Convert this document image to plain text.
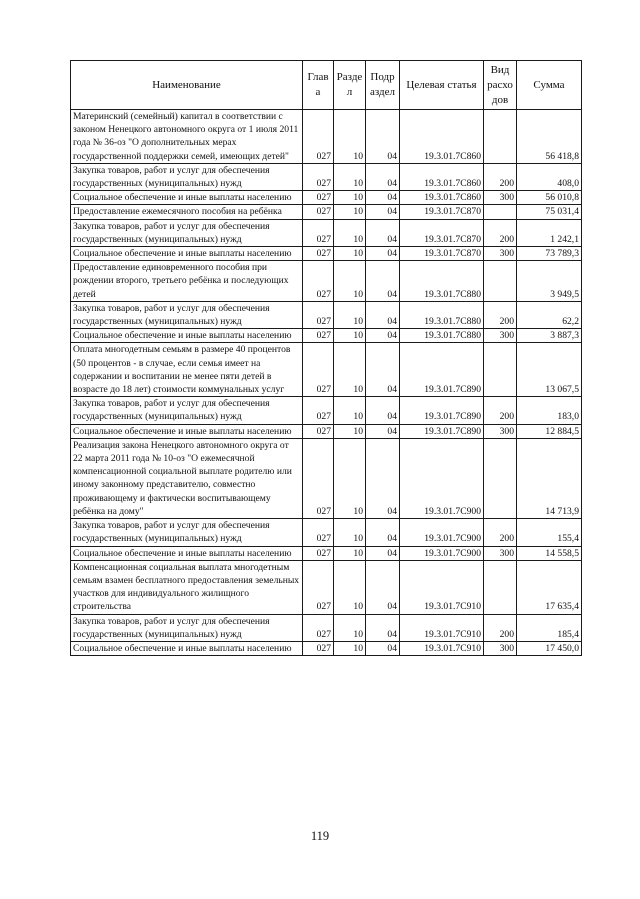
Наименование	Глав а	Разде л	Подр аздел	Целевая статья	Вид расхо дов	Сумма
Материнский (семейный) капитал в соответствии с законом Ненецкого автономного округа от 1 июля 2011 года № 36-оз "О дополнительных мерах государственной поддержки семей, имеющих детей"	027	10	04	19.3.01.7С860		56 418,8
Закупка товаров, работ и услуг для обеспечения государственных (муниципальных) нужд	027	10	04	19.3.01.7С860	200	408,0
Социальное обеспечение и иные выплаты населению	027	10	04	19.3.01.7С860	300	56 010,8
Предоставление ежемесячного пособия на ребёнка	027	10	04	19.3.01.7С870		75 031,4
Закупка товаров, работ и услуг для обеспечения государственных (муниципальных) нужд	027	10	04	19.3.01.7С870	200	1 242,1
Социальное обеспечение и иные выплаты населению	027	10	04	19.3.01.7С870	300	73 789,3
Предоставление единовременного пособия при рождении второго, третьего ребёнка и последующих детей	027	10	04	19.3.01.7С880		3 949,5
Закупка товаров, работ и услуг для обеспечения государственных (муниципальных) нужд	027	10	04	19.3.01.7С880	200	62,2
Социальное обеспечение и иные выплаты населению	027	10	04	19.3.01.7С880	300	3 887,3
Оплата многодетным семьям в размере 40 процентов (50 процентов - в случае, если семья имеет на содержании и воспитании не менее пяти детей в возрасте до 18 лет) стоимости коммунальных услуг	027	10	04	19.3.01.7С890		13 067,5
Закупка товаров, работ и услуг для обеспечения государственных (муниципальных) нужд	027	10	04	19.3.01.7С890	200	183,0
Социальное обеспечение и иные выплаты населению	027	10	04	19.3.01.7С890	300	12 884,5
Реализация закона Ненецкого автономного округа от 22 марта 2011 года № 10-оз "О ежемесячной компенсационной социальной выплате родителю или иному законному представителю, совместно проживающему и фактически воспитывающему ребёнка на дому"	027	10	04	19.3.01.7С900		14 713,9
Закупка товаров, работ и услуг для обеспечения государственных (муниципальных) нужд	027	10	04	19.3.01.7С900	200	155,4
Социальное обеспечение и иные выплаты населению	027	10	04	19.3.01.7С900	300	14 558,5
Компенсационная социальная выплата многодетным семьям взамен бесплатного предоставления земельных участков для индивидуального жилищного строительства	027	10	04	19.3.01.7С910		17 635,4
Закупка товаров, работ и услуг для обеспечения государственных (муниципальных) нужд	027	10	04	19.3.01.7С910	200	185,4
Социальное обеспечение и иные выплаты населению	027	10	04	19.3.01.7С910	300	17 450,0
119
